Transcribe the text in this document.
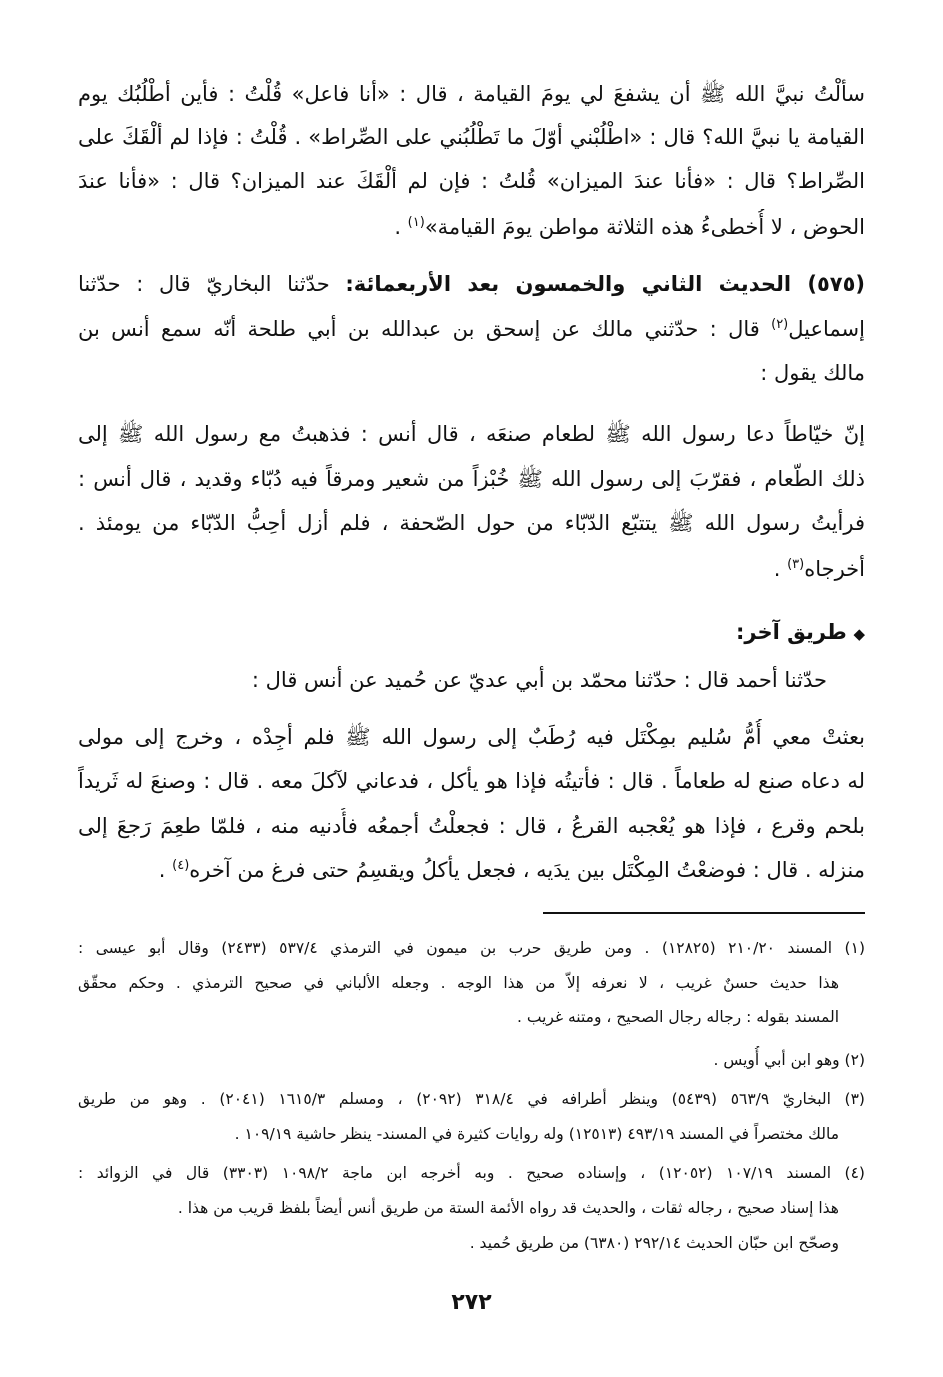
سألْتُ نبيَّ الله ﷺ أن يشفعَ لي يومَ القيامة ، قال : «أنا فاعل» قُلْتُ : فأين أطْلُبُك يوم
القيامة يا نبيَّ الله؟ قال : «اطْلُبْني أوّلَ ما تَطْلُبُني على الصِّراط» . قُلْتُ : فإذا لم ألْقَكَ على
الصِّراط؟ قال : «فأنا عندَ الميزان» قُلتُ : فإن لم ألْقَكَ عند الميزان؟ قال : «فأنا عندَ
الحوض ، لا أُخطىءُ هذه الثلاثة مواطن يومَ القيامة»$^{(١)}$ .
(٥٧٥) الحديث الثاني والخمسون بعد الأربعمائة: حدّثنا البخاريّ قال : حدّثنا
إسماعيل$^{(٢)}$ قال : حدّثني مالك عن إسحق بن عبدالله بن أبي طلحة أنّه سمع أنس بن
مالك يقول :
إنّ خيّاطاً دعا رسول الله ﷺ لطعام صنعَه ، قال أنس : فذهبتُ مع رسول الله ﷺ إلى
ذلك الطّعام ، فقرّبَ إلى رسول الله ﷺ خُبْزاً من شعير ومرقاً فيه دُبّاء وقديد ، قال أنس :
فرأيتُ رسول الله ﷺ يتتبّع الدّبّاء من حول الصّحفة ، فلم أزل أحِبُّ الدّبّاء من يومئذ .
أخرجاه$^{(٣)}$ .
◆ طريق آخر:
حدّثنا أحمد قال : حدّثنا محمّد بن أبي عديّ عن حُميد عن أنس قال :
بعثتْ معي أُمُّ سُليم بمِكْتَل فيه رُطَبٌ إلى رسول الله ﷺ فلم أجِدْه ، وخرج إلى مولى
له دعاه صنع له طعاماً . قال : فأتيتُه فإذا هو يأكل ، فدعاني لآكلَ معه . قال : وصنعَ له ثَريداً
بلحم وقرع ، فإذا هو يُعْجبه القرعُ ، قال : فجعلْتُ أجمعُه فأُدنيه منه ، فلمّا طعِمَ رَجعَ إلى
منزله . قال : فوضعْتُ المِكْتَل بين يدَيه ، فجعل يأكلُ ويقسِمُ حتى فرغ من آخره$^{(٤)}$ .
(١) المسند ٢١٠/٢٠ (١٢٨٢٥) . ومن طريق حرب بن ميمون في الترمذي ٥٣٧/٤ (٢٤٣٣) وقال أبو عيسى :
هذا حديث حسنٌ غريب ، لا نعرفه إلاّ من هذا الوجه . وجعله الألباني في صحيح الترمذي . وحكم محقّق
المسند بقوله : رجاله رجال الصحيح ، ومتنه غريب .
(٢) وهو ابن أبي أُويس .
(٣) البخاريّ ٥٦٣/٩ (٥٤٣٩) وينظر أطرافه في ٣١٨/٤ (٢٠٩٢) ، ومسلم ١٦١٥/٣ (٢٠٤١) . وهو من طريق
مالك مختصراً في المسند ٤٩٣/١٩ (١٢٥١٣) وله روايات كثيرة في المسند- ينظر حاشية ١٠٩/١٩ .
(٤) المسند ١٠٧/١٩ (١٢٠٥٢) ، وإسناده صحيح . وبه أخرجه ابن ماجة ١٠٩٨/٢ (٣٣٠٣) قال في الزوائد :
هذا إسناد صحيح ، رجاله ثقات ، والحديث قد رواه الأئمة الستة من طريق أنس أيضاً بلفظ قريب من هذا .
وصحّح ابن حبّان الحديث ٢٩٢/١٤ (٦٣٨٠) من طريق حُميد .
٢٧٢
